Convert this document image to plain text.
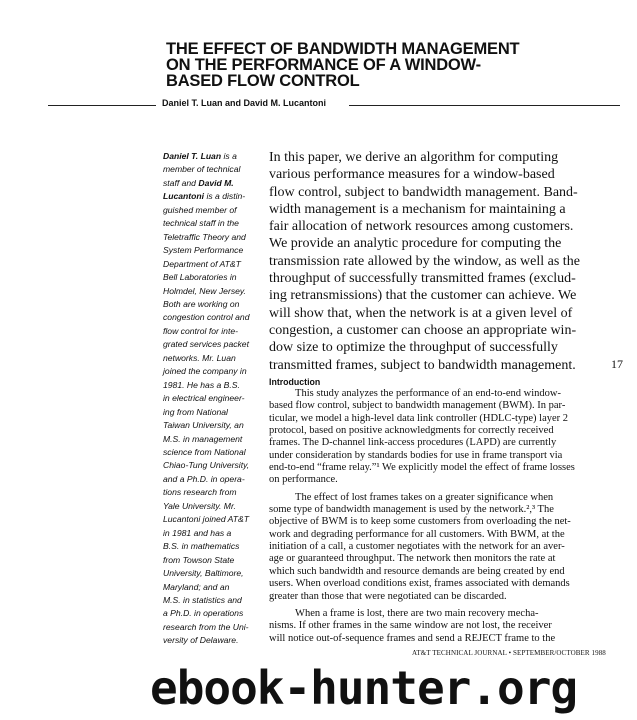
THE EFFECT OF BANDWIDTH MANAGEMENT
ON THE PERFORMANCE OF A WINDOW-
BASED FLOW CONTROL
Daniel T. Luan and David M. Lucantoni
Daniel T. Luan is a
member of technical
staff and David M.
Lucantoni is a distin-
guished member of
technical staff in the
Teletraffic Theory and
System Performance
Department of AT&T
Bell Laboratories in
Holmdel, New Jersey.
Both are working on
congestion control and
flow control for inte-
grated services packet
networks. Mr. Luan
joined the company in
1981. He has a B.S.
in electrical engineer-
ing from National
Taiwan University, an
M.S. in management
science from National
Chiao-Tung University,
and a Ph.D. in opera-
tions research from
Yale University. Mr.
Lucantoni joined AT&T
in 1981 and has a
B.S. in mathematics
from Towson State
University, Baltimore,
Maryland; and an
M.S. in statistics and
a Ph.D. in operations
research from the Uni-
versity of Delaware.
In this paper, we derive an algorithm for computing
various performance measures for a window-based
flow control, subject to bandwidth management. Band-
width management is a mechanism for maintaining a
fair allocation of network resources among customers.
We provide an analytic procedure for computing the
transmission rate allowed by the window, as well as the
throughput of successfully transmitted frames (exclud-
ing retransmissions) that the customer can achieve. We
will show that, when the network is at a given level of
congestion, a customer can choose an appropriate win-
dow size to optimize the throughput of successfully
transmitted frames, subject to bandwidth management.	17
Introduction
This study analyzes the performance of an end-to-end window-
based flow control, subject to bandwidth management (BWM). In par-
ticular, we model a high-level data link controller (HDLC-type) layer 2
protocol, based on positive acknowledgments for correctly received
frames. The D-channel link-access procedures (LAPD) are currently
under consideration by standards bodies for use in frame transport via
end-to-end “frame relay.”¹ We explicitly model the effect of frame losses
on performance.
The effect of lost frames takes on a greater significance when
some type of bandwidth management is used by the network.²,³ The
objective of BWM is to keep some customers from overloading the net-
work and degrading performance for all customers. With BWM, at the
initiation of a call, a customer negotiates with the network for an aver-
age or guaranteed throughput. The network then monitors the rate at
which such bandwidth and resource demands are being created by end
users. When overload conditions exist, frames associated with demands
greater than those that were negotiated can be discarded.
When a frame is lost, there are two main recovery mecha-
nisms. If other frames in the same window are not lost, the receiver
will notice out-of-sequence frames and send a REJECT frame to the
AT&T TECHNICAL JOURNAL • SEPTEMBER/OCTOBER 1988
ebook-hunter.org
